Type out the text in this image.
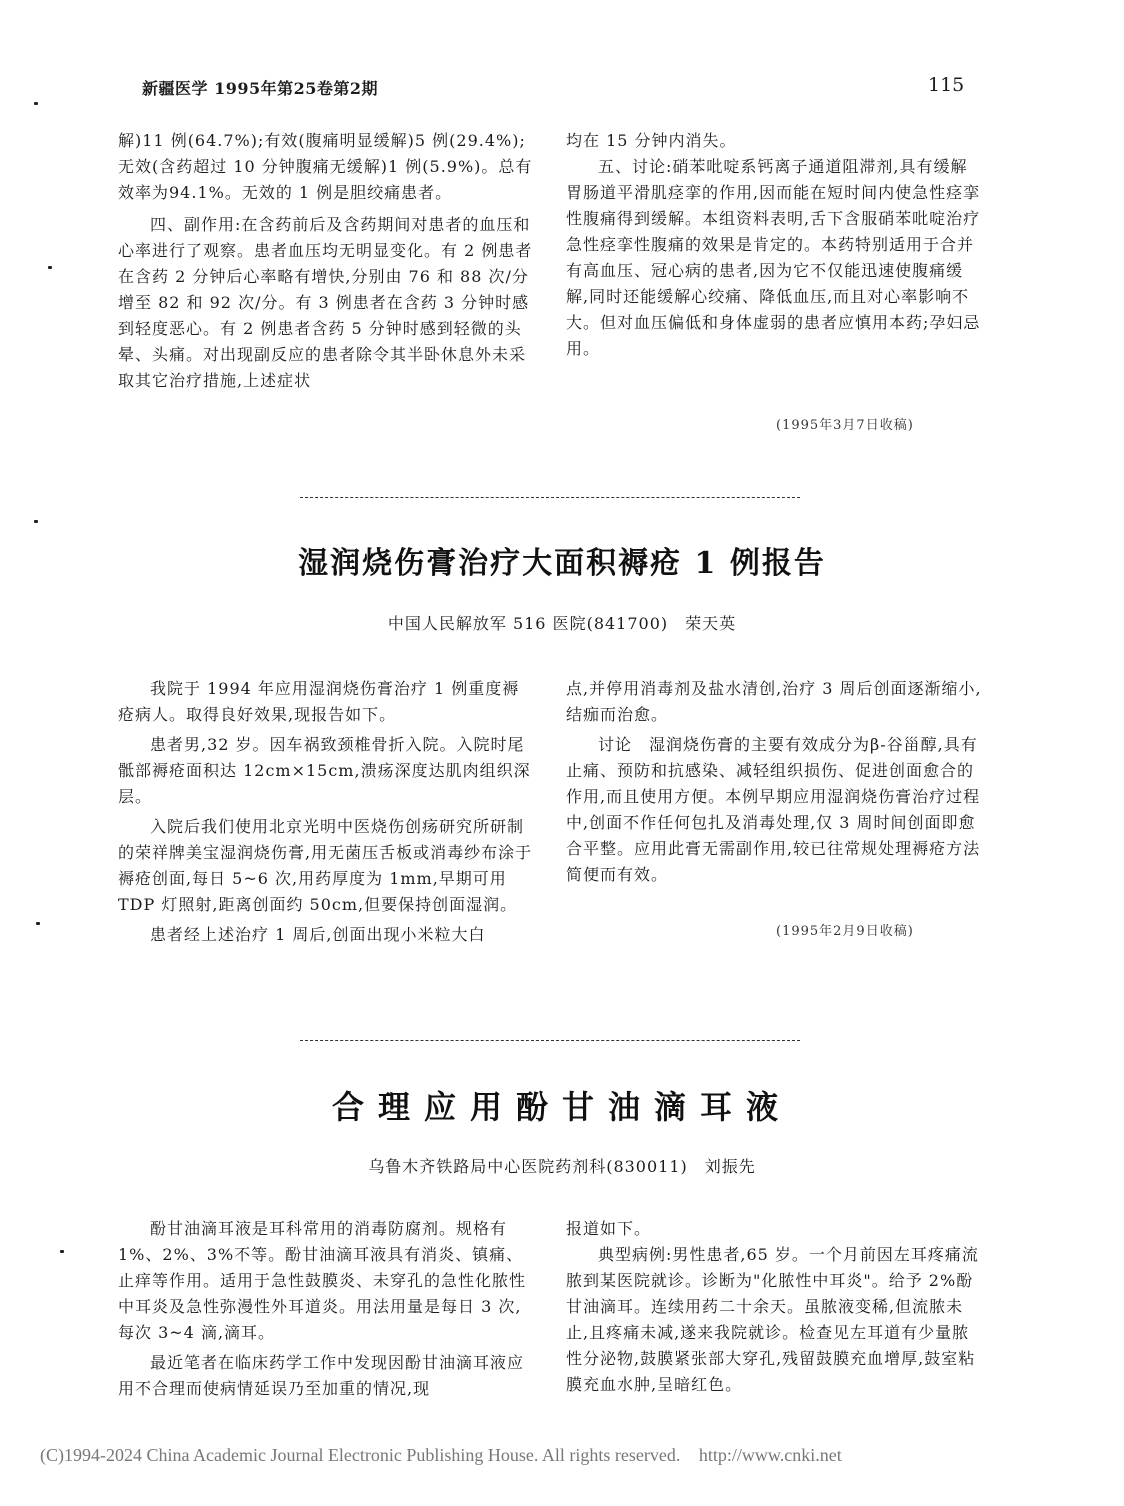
新疆医学 1995年第25卷第2期	115

解)11 例(64.7%);有效(腹痛明显缓解)5 例(29.4%);无效(含药超过 10 分钟腹痛无缓解)1 例(5.9%)。总有效率为94.1%。无效的 1 例是胆绞痛患者。

四、副作用:在含药前后及含药期间对患者的血压和心率进行了观察。患者血压均无明显变化。有 2 例患者在含药 2 分钟后心率略有增快,分别由 76 和 88 次/分增至 82 和 92 次/分。有 3 例患者在含药 3 分钟时感到轻度恶心。有 2 例患者含药 5 分钟时感到轻微的头晕、头痛。对出现副反应的患者除令其半卧休息外未采取其它治疗措施,上述症状

均在 15 分钟内消失。

五、讨论:硝苯吡啶系钙离子通道阻滞剂,具有缓解胃肠道平滑肌痉挛的作用,因而能在短时间内使急性痉挛性腹痛得到缓解。本组资料表明,舌下含服硝苯吡啶治疗急性痉挛性腹痛的效果是肯定的。本药特别适用于合并有高血压、冠心病的患者,因为它不仅能迅速使腹痛缓解,同时还能缓解心绞痛、降低血压,而且对心率影响不大。但对血压偏低和身体虚弱的患者应慎用本药;孕妇忌用。

(1995年3月7日收稿)
湿润烧伤膏治疗大面积褥疮 1 例报告
中国人民解放军 516 医院(841700)　荣天英

我院于 1994 年应用湿润烧伤膏治疗 1 例重度褥疮病人。取得良好效果,现报告如下。

患者男,32 岁。因车祸致颈椎骨折入院。入院时尾骶部褥疮面积达 12cm×15cm,溃疡深度达肌肉组织深层。

入院后我们使用北京光明中医烧伤创疡研究所研制的荣祥牌美宝湿润烧伤膏,用无菌压舌板或消毒纱布涂于褥疮创面,每日 5~6 次,用药厚度为 1mm,早期可用 TDP 灯照射,距离创面约 50cm,但要保持创面湿润。

患者经上述治疗 1 周后,创面出现小米粒大白

点,并停用消毒剂及盐水清创,治疗 3 周后创面逐渐缩小,结痂而治愈。

讨论　湿润烧伤膏的主要有效成分为β-谷甾醇,具有止痛、预防和抗感染、减轻组织损伤、促进创面愈合的作用,而且使用方便。本例早期应用湿润烧伤膏治疗过程中,创面不作任何包扎及消毒处理,仅 3 周时间创面即愈合平整。应用此膏无需副作用,较已往常规处理褥疮方法简便而有效。

(1995年2月9日收稿)
合理应用酚甘油滴耳液
乌鲁木齐铁路局中心医院药剂科(830011)　刘振先

酚甘油滴耳液是耳科常用的消毒防腐剂。规格有 1%、2%、3%不等。酚甘油滴耳液具有消炎、镇痛、止痒等作用。适用于急性鼓膜炎、未穿孔的急性化脓性中耳炎及急性弥漫性外耳道炎。用法用量是每日 3 次,每次 3~4 滴,滴耳。

最近笔者在临床药学工作中发现因酚甘油滴耳液应用不合理而使病情延误乃至加重的情况,现

报道如下。

典型病例:男性患者,65 岁。一个月前因左耳疼痛流脓到某医院就诊。诊断为"化脓性中耳炎"。给予 2%酚甘油滴耳。连续用药二十余天。虽脓液变稀,但流脓未止,且疼痛未减,遂来我院就诊。检查见左耳道有少量脓性分泌物,鼓膜紧张部大穿孔,残留鼓膜充血增厚,鼓室粘膜充血水肿,呈暗红色。

(C)1994-2024 China Academic Journal Electronic Publishing House. All rights reserved. http://www.cnki.net
